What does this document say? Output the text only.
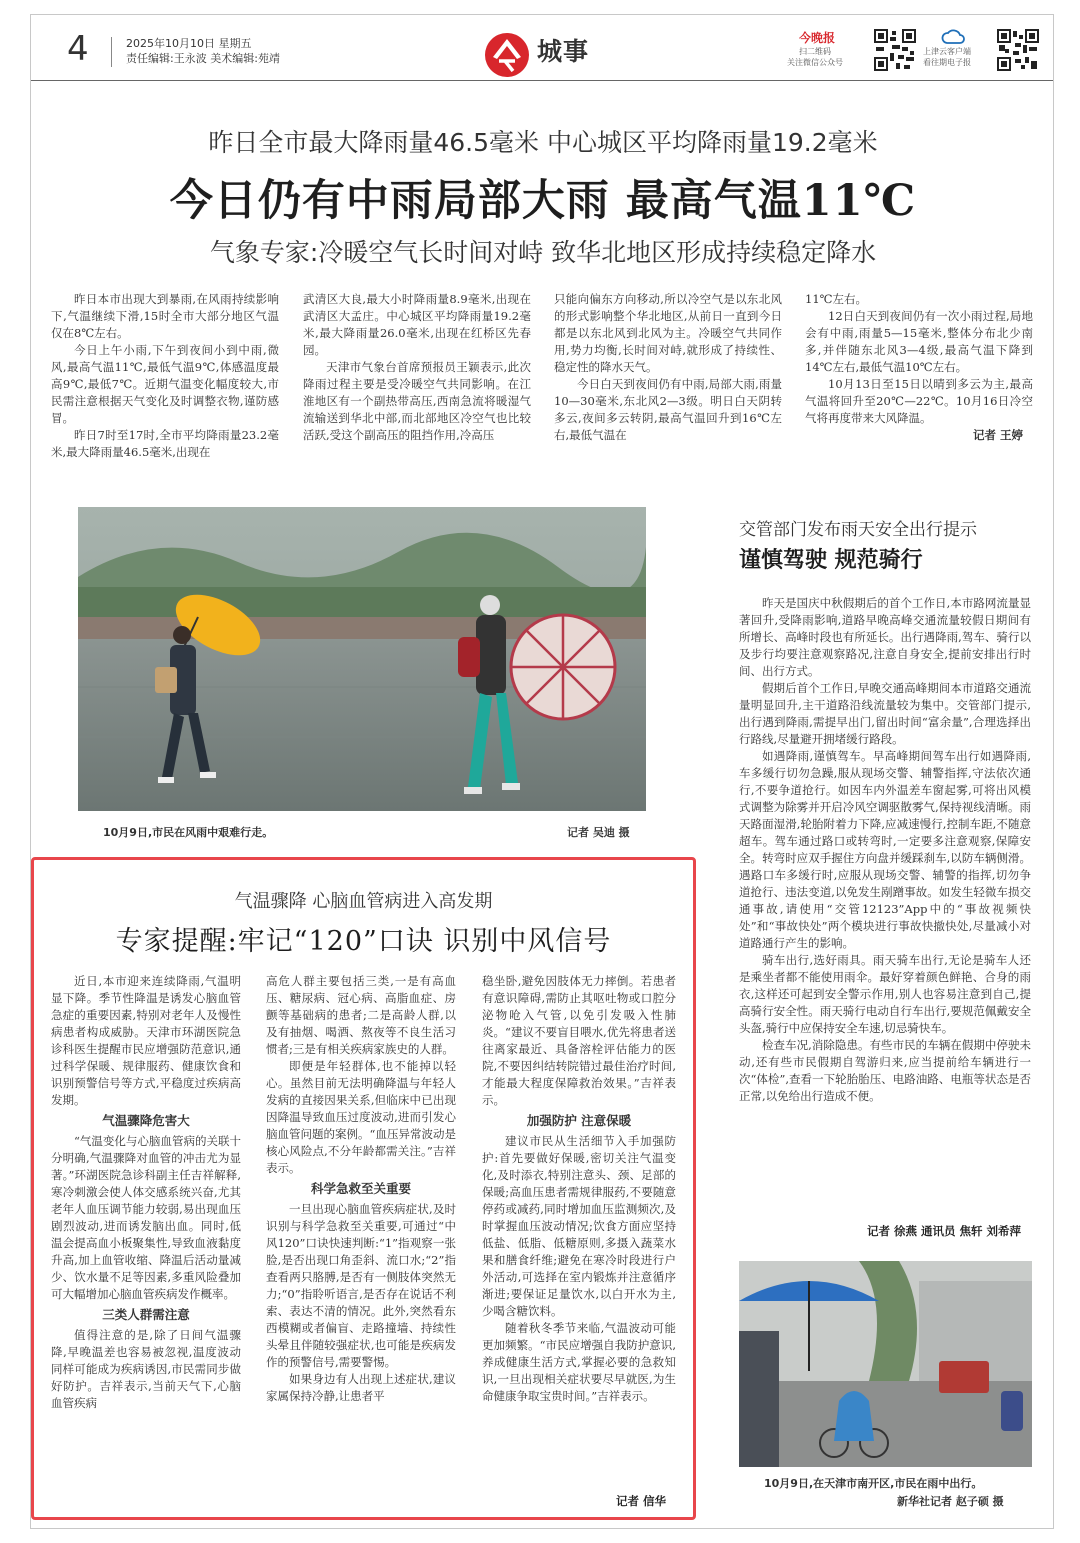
4	2025年10月10日 星期五
责任编辑:王永波 美术编辑:苑靖	城事	今晚报
扫二维码
关注微信公众号
上津云客户端
看往期电子报
昨日全市最大降雨量46.5毫米 中心城区平均降雨量19.2毫米
今日仍有中雨局部大雨 最高气温11℃
气象专家:冷暖空气长时间对峙 致华北地区形成持续稳定降水

昨日本市出现大到暴雨,在风雨持续影响下,气温继续下滑,15时全市大部分地区气温仅在8℃左右。

今日上午小雨,下午到夜间小到中雨,微风,最高气温11℃,最低气温9℃,体感温度最高9℃,最低7℃。近期气温变化幅度较大,市民需注意根据天气变化及时调整衣物,谨防感冒。

昨日7时至17时,全市平均降雨量23.2毫米,最大降雨量46.5毫米,出现在

武清区大良,最大小时降雨量8.9毫米,出现在武清区大孟庄。中心城区平均降雨量19.2毫米,最大降雨量26.0毫米,出现在红桥区先春园。

天津市气象台首席预报员王颖表示,此次降雨过程主要是受冷暖空气共同影响。在江淮地区有一个副热带高压,西南急流将暖湿气流输送到华北中部,而北部地区冷空气也比较活跃,受这个副高压的阻挡作用,冷高压

只能向偏东方向移动,所以冷空气是以东北风的形式影响整个华北地区,从前日一直到今日都是以东北风到北风为主。冷暖空气共同作用,势力均衡,长时间对峙,就形成了持续性、稳定性的降水天气。

今日白天到夜间仍有中雨,局部大雨,雨量10—30毫米,东北风2—3级。明日白天阴转多云,夜间多云转阴,最高气温回升到16℃左右,最低气温在

11℃左右。

12日白天到夜间仍有一次小雨过程,局地会有中雨,雨量5—15毫米,整体分布北少南多,并伴随东北风3—4级,最高气温下降到14℃左右,最低气温10℃左右。

10月13日至15日以晴到多云为主,最高气温将回升至20℃—22℃。10月16日冷空气将再度带来大风降温。

记者 王婷
10月9日,市民在风雨中艰难行走。	记者 吴迪 摄
交管部门发布雨天安全出行提示
谨慎驾驶 规范骑行

昨天是国庆中秋假期后的首个工作日,本市路网流量显著回升,受降雨影响,道路早晚高峰交通流量较假日期间有所增长、高峰时段也有所延长。出行遇降雨,驾车、骑行以及步行均要注意观察路况,注意自身安全,提前安排出行时间、出行方式。

假期后首个工作日,早晚交通高峰期间本市道路交通流量明显回升,主干道路沿线流量较为集中。交管部门提示,出行遇到降雨,需提早出门,留出时间“富余量”,合理选择出行路线,尽量避开拥堵缓行路段。

如遇降雨,谨慎驾车。早高峰期间驾车出行如遇降雨,车多缓行切勿急躁,服从现场交警、辅警指挥,守法依次通行,不要争道抢行。如因车内外温差车窗起雾,可将出风模式调整为除雾并开启冷风空调驱散雾气,保持视线清晰。雨天路面湿滑,轮胎附着力下降,应减速慢行,控制车距,不随意超车。驾车通过路口或转弯时,一定要多注意观察,保障安全。转弯时应双手握住方向盘并缓踩刹车,以防车辆侧滑。遇路口车多缓行时,应服从现场交警、辅警的指挥,切勿争道抢行、违法变道,以免发生剐蹭事故。如发生轻微车损交通事故,请使用“交管12123”App中的“事故视频快处”和“事故快处”两个模块进行事故快撤快处,尽量减小对道路通行产生的影响。

骑车出行,选好雨具。雨天骑车出行,无论是骑车人还是乘坐者都不能使用雨伞。最好穿着颜色鲜艳、合身的雨衣,这样还可起到安全警示作用,别人也容易注意到自己,提高骑行安全性。雨天骑行电动自行车出行,要规范佩戴安全头盔,骑行中应保持安全车速,切忌骑快车。

检查车况,消除隐患。有些市民的车辆在假期中停驶未动,还有些市民假期自驾游归来,应当提前给车辆进行一次“体检”,查看一下轮胎胎压、电路油路、电瓶等状态是否正常,以免给出行造成不便。

记者 徐燕 通讯员 焦轩 刘希萍
10月9日,在天津市南开区,市民在雨中出行。
新华社记者 赵子硕 摄
气温骤降 心脑血管病进入高发期
专家提醒:牢记“120”口诀 识别中风信号

近日,本市迎来连续降雨,气温明显下降。季节性降温是诱发心脑血管急症的重要因素,特别对老年人及慢性病患者构成威胁。天津市环湖医院急诊科医生提醒市民应增强防范意识,通过科学保暖、规律服药、健康饮食和识别预警信号等方式,平稳度过疾病高发期。

气温骤降危害大

“气温变化与心脑血管病的关联十分明确,气温骤降对血管的冲击尤为显著。”环湖医院急诊科副主任吉祥解释,寒冷刺激会使人体交感系统兴奋,尤其老年人血压调节能力较弱,易出现血压剧烈波动,进而诱发脑出血。同时,低温会提高血小板聚集性,导致血液黏度升高,加上血管收缩、降温后活动量减少、饮水量不足等因素,多重风险叠加可大幅增加心脑血管疾病发作概率。

三类人群需注意

值得注意的是,除了日间气温骤降,早晚温差也容易被忽视,温度波动同样可能成为疾病诱因,市民需同步做好防护。吉祥表示,当前天气下,心脑血管疾病

高危人群主要包括三类,一是有高血压、糖尿病、冠心病、高脂血症、房颤等基础病的患者;二是高龄人群,以及有抽烟、喝酒、熬夜等不良生活习惯者;三是有相关疾病家族史的人群。

即便是年轻群体,也不能掉以轻心。虽然目前无法明确降温与年轻人发病的直接因果关系,但临床中已出现因降温导致血压过度波动,进而引发心脑血管问题的案例。“血压异常波动是核心风险点,不分年龄都需关注。”吉祥表示。

科学急救至关重要

一旦出现心脑血管疾病症状,及时识别与科学急救至关重要,可通过“中风120”口诀快速判断:“1”指观察一张脸,是否出现口角歪斜、流口水;“2”指查看两只胳膊,是否有一侧肢体突然无力;“0”指聆听语言,是否存在说话不利索、表达不清的情况。此外,突然看东西模糊或者偏盲、走路撞墙、持续性头晕且伴随较强症状,也可能是疾病发作的预警信号,需要警惕。

如果身边有人出现上述症状,建议家属保持冷静,让患者平

稳坐卧,避免因肢体无力摔倒。若患者有意识障碍,需防止其呕吐物或口腔分泌物呛入气管,以免引发吸入性肺炎。“建议不要盲目喂水,优先将患者送往离家最近、具备溶栓评估能力的医院,不要因纠结转院错过最佳治疗时间,才能最大程度保障救治效果。”吉祥表示。

加强防护 注意保暖

建议市民从生活细节入手加强防护:首先要做好保暖,密切关注气温变化,及时添衣,特别注意头、颈、足部的保暖;高血压患者需规律服药,不要随意停药或减药,同时增加血压监测频次,及时掌握血压波动情况;饮食方面应坚持低盐、低脂、低糖原则,多摄入蔬菜水果和膳食纤维;避免在寒冷时段进行户外活动,可选择在室内锻炼并注意循序渐进;要保证足量饮水,以白开水为主,少喝含糖饮料。

随着秋冬季节来临,气温波动可能更加频繁。“市民应增强自我防护意识,养成健康生活方式,掌握必要的急救知识,一旦出现相关症状要尽早就医,为生命健康争取宝贵时间。”吉祥表示。

记者 信华
